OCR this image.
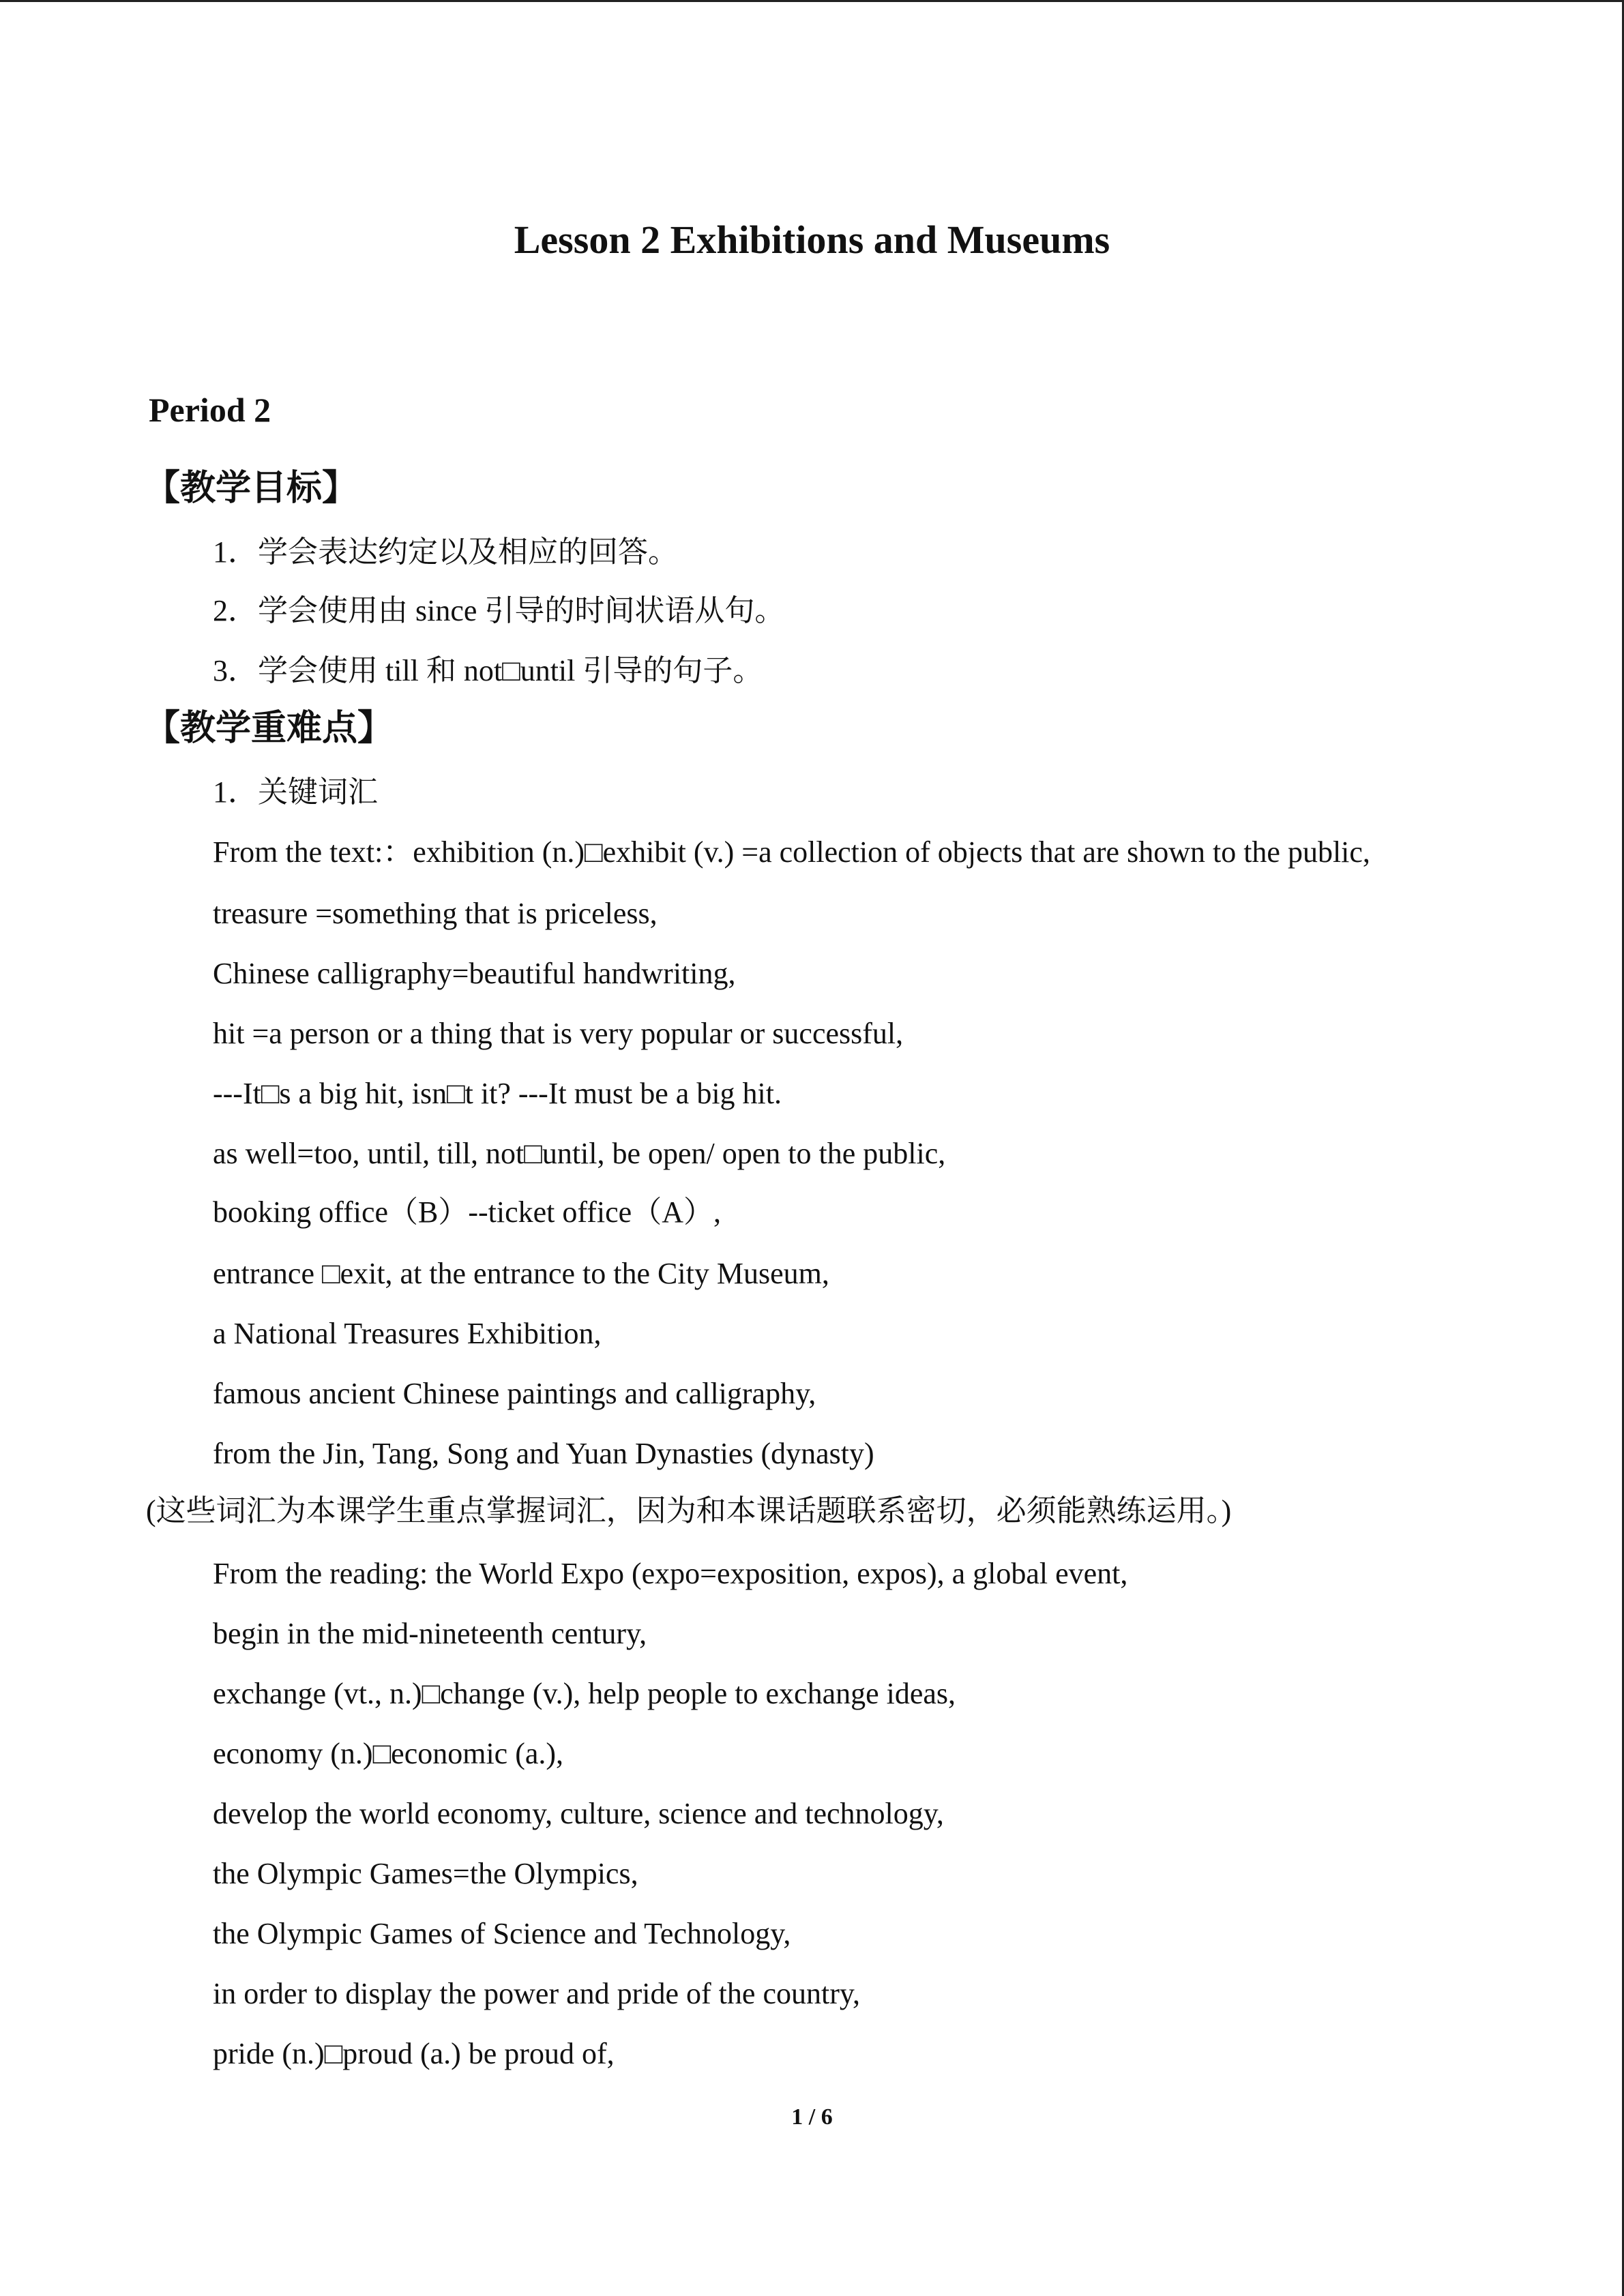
Lesson 2 Exhibitions and Museums
Period 2
【教学目标】
1．学会表达约定以及相应的回答。
2．学会使用由 since 引导的时间状语从句。
3．学会使用 till 和 not□until 引导的句子。
【教学重难点】
1．关键词汇
From the text:：exhibition (n.)□exhibit (v.) =a collection of objects that are shown to the public,
treasure =something that is priceless,
Chinese calligraphy=beautiful handwriting,
hit =a person or a thing that is very popular or successful,
---It□s a big hit, isn□t it? ---It must be a big hit.
as well=too, until, till, not□until, be open/ open to the public,
booking office（B）--ticket office（A）,
entrance □exit, at the entrance to the City Museum,
a National Treasures Exhibition,
famous ancient Chinese paintings and calligraphy,
from the Jin, Tang, Song and Yuan Dynasties (dynasty)
(这些词汇为本课学生重点掌握词汇，因为和本课话题联系密切，必须能熟练运用。)
From the reading: the World Expo (expo=exposition, expos), a global event,
begin in the mid-nineteenth century,
exchange (vt., n.)□change (v.), help people to exchange ideas,
economy (n.)□economic (a.),
develop the world economy, culture, science and technology,
the Olympic Games=the Olympics,
the Olympic Games of Science and Technology,
in order to display the power and pride of the country,
pride (n.)□proud (a.) be proud of,
1 / 6
